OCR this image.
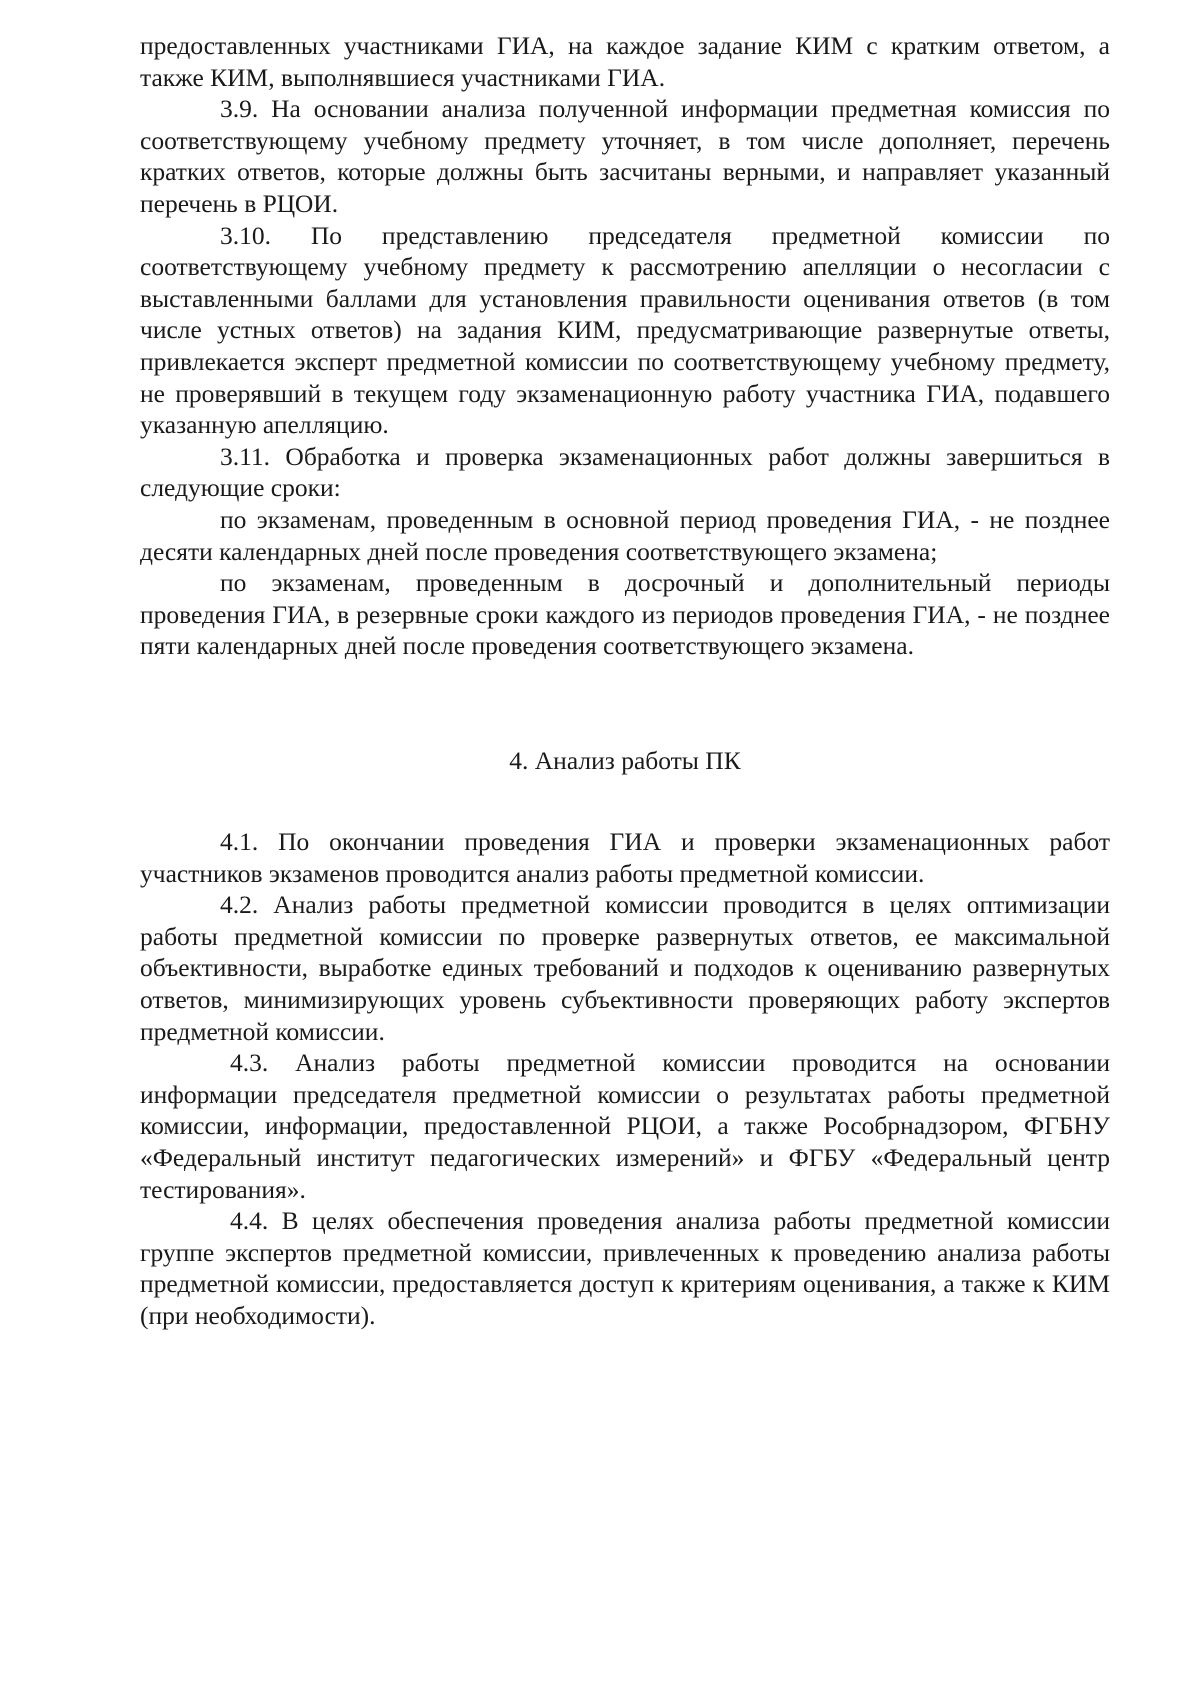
предоставленных участниками ГИА, на каждое задание КИМ с кратким ответом, а также КИМ, выполнявшиеся участниками ГИА.

3.9. На основании анализа полученной информации предметная комиссия по соответствующему учебному предмету уточняет, в том числе дополняет, перечень кратких ответов, которые должны быть засчитаны верными, и направляет указанный перечень в РЦОИ.

3.10. По представлению председателя предметной комиссии по соответствующему учебному предмету к рассмотрению апелляции о несогласии с выставленными баллами для установления правильности оценивания ответов (в том числе устных ответов) на задания КИМ, предусматривающие развернутые ответы, привлекается эксперт предметной комиссии по соответствующему учебному предмету, не проверявший в текущем году экзаменационную работу участника ГИА, подавшего указанную апелляцию.

3.11. Обработка и проверка экзаменационных работ должны завершиться в следующие сроки:

по экзаменам, проведенным в основной период проведения ГИА, - не позднее десяти календарных дней после проведения соответствующего экзамена;

по экзаменам, проведенным в досрочный и дополнительный периоды проведения ГИА, в резервные сроки каждого из периодов проведения ГИА, - не позднее пяти календарных дней после проведения соответствующего экзамена.

4. Анализ работы ПК

4.1. По окончании проведения ГИА и проверки экзаменационных работ участников экзаменов проводится анализ работы предметной комиссии.

4.2. Анализ работы предметной комиссии проводится в целях оптимизации работы предметной комиссии по проверке развернутых ответов, ее максимальной объективности, выработке единых требований и подходов к оцениванию развернутых ответов, минимизирующих уровень субъективности проверяющих работу экспертов предметной комиссии.

4.3. Анализ работы предметной комиссии проводится на основании информации председателя предметной комиссии о результатах работы предметной комиссии, информации, предоставленной РЦОИ, а также Рособрнадзором, ФГБНУ «Федеральный институт педагогических измерений» и ФГБУ «Федеральный центр тестирования».

4.4. В целях обеспечения проведения анализа работы предметной комиссии группе экспертов предметной комиссии, привлеченных к проведению анализа работы предметной комиссии, предоставляется доступ к критериям оценивания, а также к КИМ (при необходимости).
